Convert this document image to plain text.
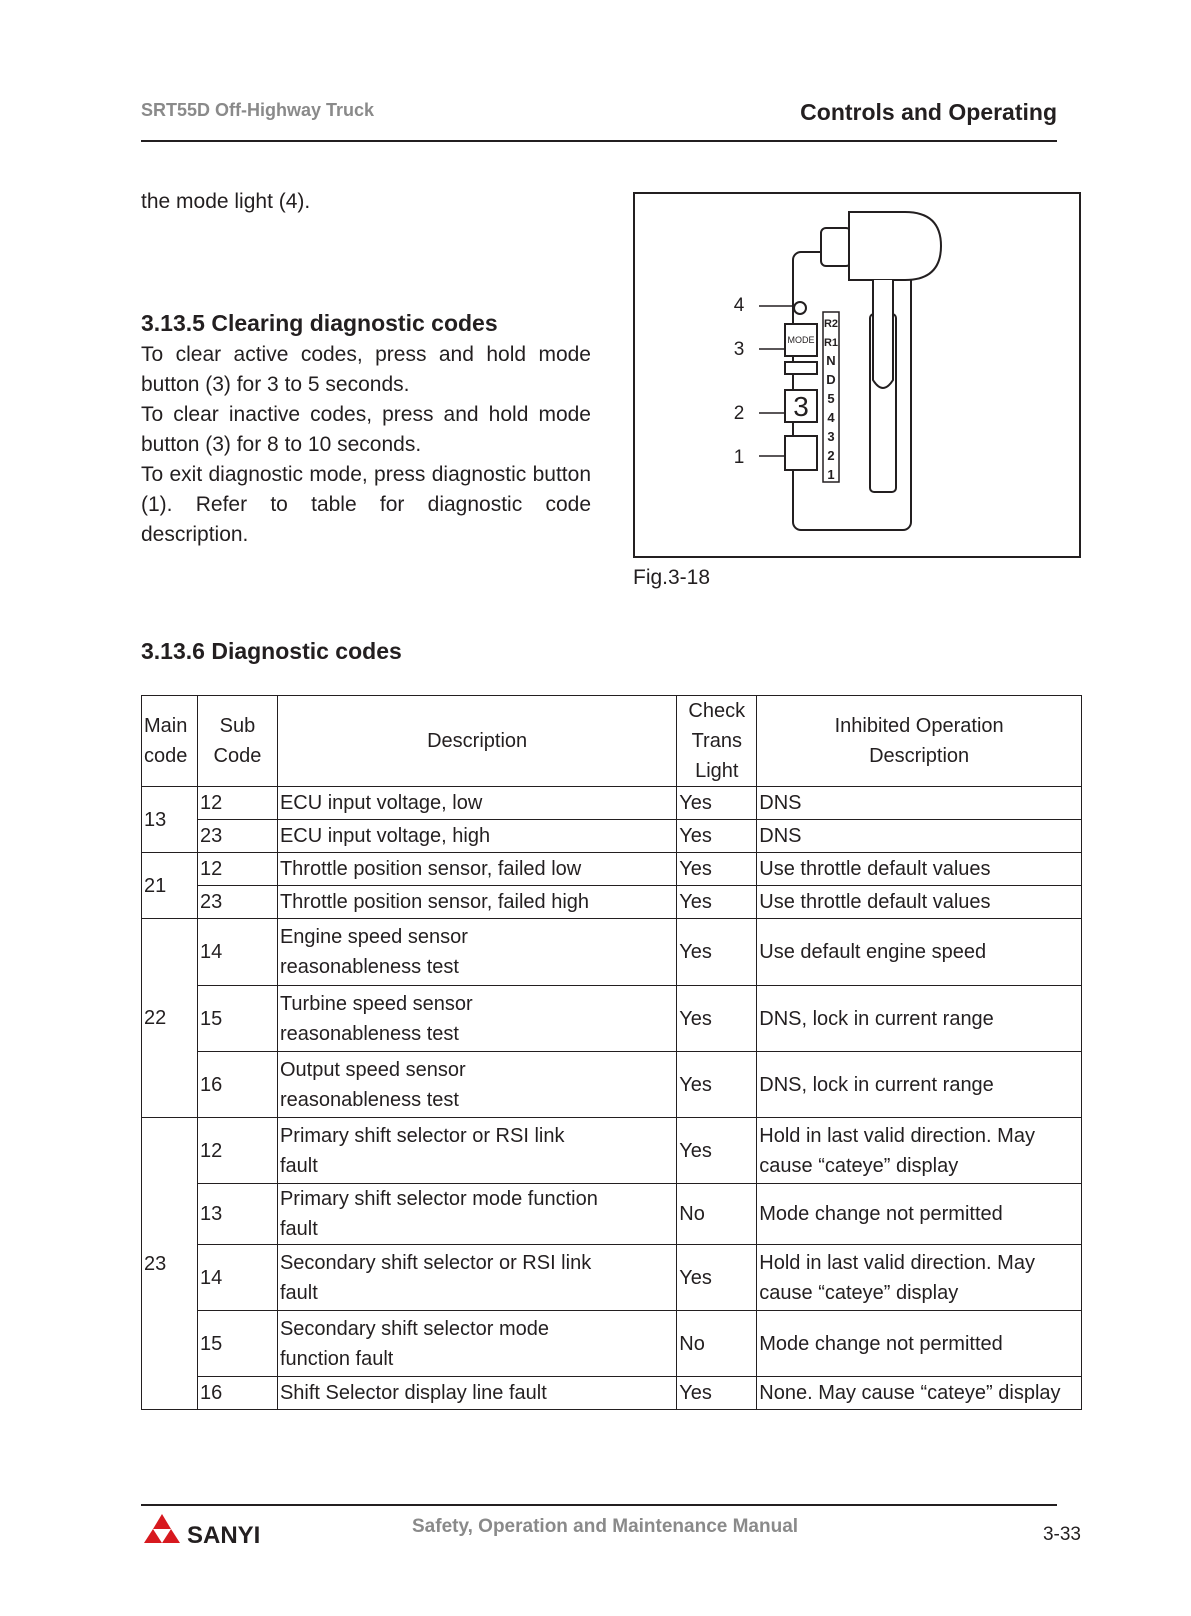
SRT55D Off-Highway Truck	Controls and Operating
the mode light (4).
3.13.5 Clearing diagnostic codes

To clear active codes, press and hold mode button (3) for 3 to 5 seconds.

To clear inactive codes, press and hold mode button (3) for 8 to 10 seconds.

To exit diagnostic mode, press diagnostic button (1). Refer to table for diagnostic code description.

MODE
3
R2
R1
N
D
5
4
3
2
1
4
3
2
1
Fig.3-18
3.13.6 Diagnostic codes
Main code	Sub Code	Description	Check Trans Light	Inhibited Operation Description
13	12	ECU input voltage, low	Yes	DNS
	23	ECU input voltage, high	Yes	DNS
21	12	Throttle position sensor, failed low	Yes	Use throttle default values
	23	Throttle position sensor, failed high	Yes	Use throttle default values
22	14	Engine speed sensor reasonableness test	Yes	Use default engine speed
	15	Turbine speed sensor reasonableness test	Yes	DNS, lock in current range
	16	Output speed sensor reasonableness test	Yes	DNS, lock in current range
23	12	Primary shift selector or RSI link fault	Yes	Hold in last valid direction. May cause “cateye” display
	13	Primary shift selector mode function fault	No	Mode change not permitted
	14	Secondary shift selector or RSI link fault	Yes	Hold in last valid direction. May cause “cateye” display
	15	Secondary shift selector mode function fault	No	Mode change not permitted
	16	Shift Selector display line fault	Yes	None. May cause “cateye” display
SANYI	Safety, Operation and Maintenance Manual	3-33
